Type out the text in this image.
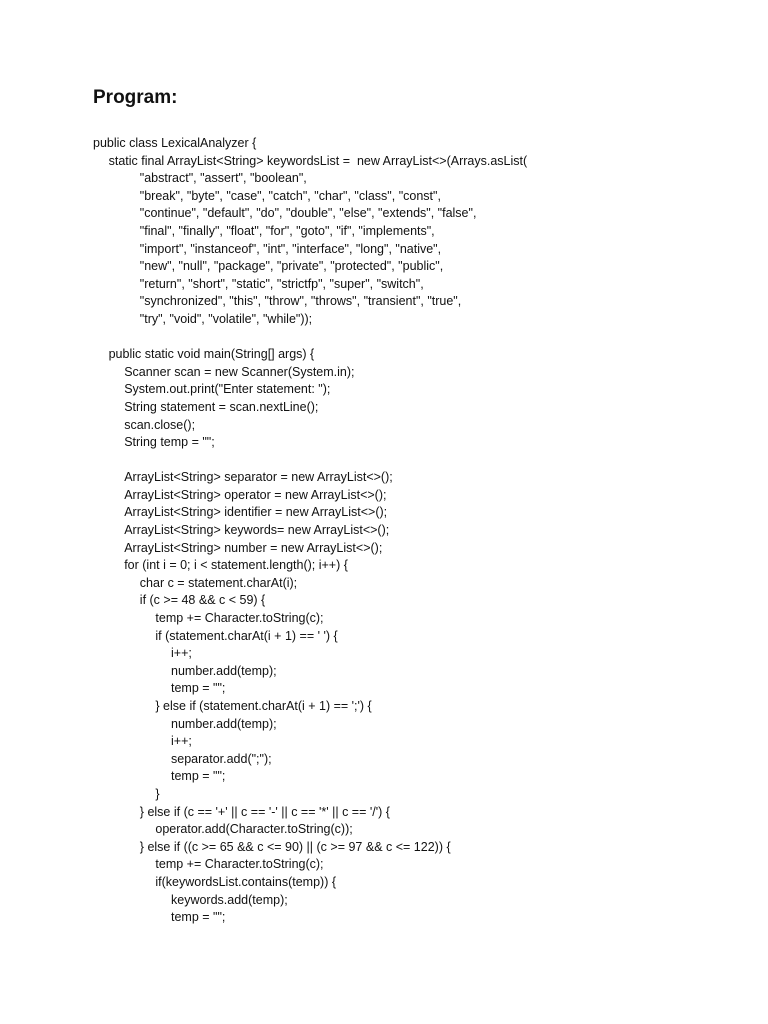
Program:
public class LexicalAnalyzer {
static final ArrayList<String> keywordsList =  new ArrayList<>(Arrays.asList(
"abstract", "assert", "boolean",
"break", "byte", "case", "catch", "char", "class", "const",
"continue", "default", "do", "double", "else", "extends", "false",
"final", "finally", "float", "for", "goto", "if", "implements",
"import", "instanceof", "int", "interface", "long", "native",
"new", "null", "package", "private", "protected", "public",
"return", "short", "static", "strictfp", "super", "switch",
"synchronized", "this", "throw", "throws", "transient", "true",
"try", "void", "volatile", "while"));
public static void main(String[] args) {
Scanner scan = new Scanner(System.in);
System.out.print("Enter statement: ");
String statement = scan.nextLine();
scan.close();
String temp = "";
ArrayList<String> separator = new ArrayList<>();
ArrayList<String> operator = new ArrayList<>();
ArrayList<String> identifier = new ArrayList<>();
ArrayList<String> keywords= new ArrayList<>();
ArrayList<String> number = new ArrayList<>();
for (int i = 0; i < statement.length(); i++) {
char c = statement.charAt(i);
if (c >= 48 && c < 59) {
temp += Character.toString(c);
if (statement.charAt(i + 1) == ' ') {
i++;
number.add(temp);
temp = "";
} else if (statement.charAt(i + 1) == ';') {
number.add(temp);
i++;
separator.add(";");
temp = "";
}
} else if (c == '+' || c == '-' || c == '*' || c == '/') {
operator.add(Character.toString(c));
} else if ((c >= 65 && c <= 90) || (c >= 97 && c <= 122)) {
temp += Character.toString(c);
if(keywordsList.contains(temp)) {
keywords.add(temp);
temp = "";
